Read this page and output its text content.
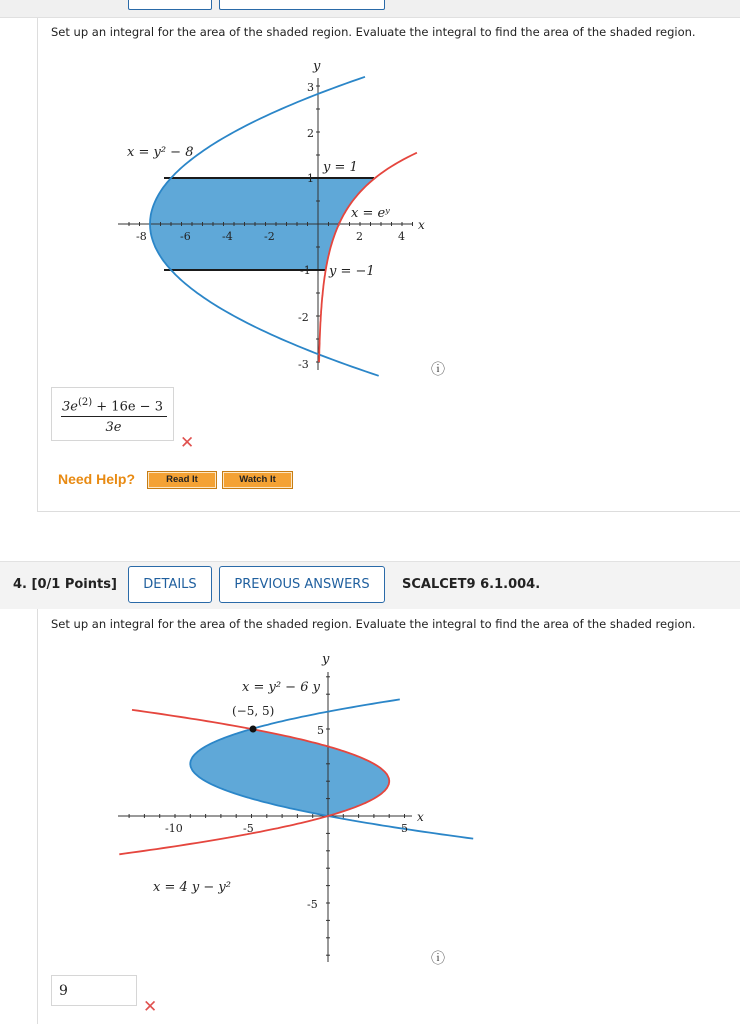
Set up an integral for the area of the shaded region. Evaluate the integral to find the area of the shaded region.
y
x
-8	-6	-4	-2	2	4
3
2
1
-1
-2
-3
x = y² − 8
x = eʸ
y = 1
y = −1
ⓘ
$3e^{(2)} + 16e - 3$
3e
✕
Need Help?	Read It	Watch It
4. [0/1 Points]	DETAILS	PREVIOUS ANSWERS	SCALCET9 6.1.004.
Set up an integral for the area of the shaded region. Evaluate the integral to find the area of the shaded region.
y
x
-10	-5	5
5
-5
x = y² − 6 y
(−5, 5)
x = 4 y − y²
ⓘ
9
✕
